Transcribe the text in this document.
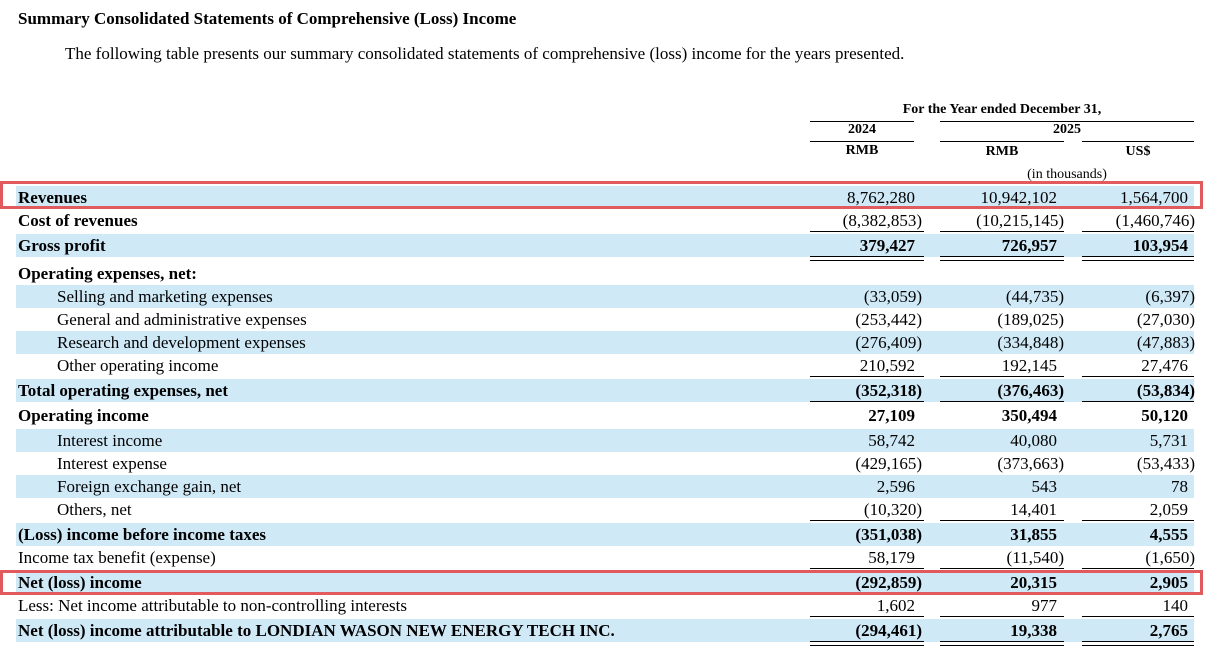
Summary Consolidated Statements of Comprehensive (Loss) Income
The following table presents our summary consolidated statements of comprehensive (loss) income for the years presented.
For the Year ended December 31,
2024	2025
RMB	RMB	US$
(in thousands)
Revenues	8,762,280	10,942,102	1,564,700
Cost of revenues	(8,382,853)	(10,215,145)	(1,460,746)
Gross profit	379,427	726,957	103,954
Operating expenses, net:
Selling and marketing expenses	(33,059)	(44,735)	(6,397)
General and administrative expenses	(253,442)	(189,025)	(27,030)
Research and development expenses	(276,409)	(334,848)	(47,883)
Other operating income	210,592	192,145	27,476
Total operating expenses, net	(352,318)	(376,463)	(53,834)
Operating income	27,109	350,494	50,120
Interest income	58,742	40,080	5,731
Interest expense	(429,165)	(373,663)	(53,433)
Foreign exchange gain, net	2,596	543	78
Others, net	(10,320)	14,401	2,059
(Loss) income before income taxes	(351,038)	31,855	4,555
Income tax benefit (expense)	58,179	(11,540)	(1,650)
Net (loss) income	(292,859)	20,315	2,905
Less: Net income attributable to non-controlling interests	1,602	977	140
Net (loss) income attributable to LONDIAN WASON NEW ENERGY TECH INC.	(294,461)	19,338	2,765
